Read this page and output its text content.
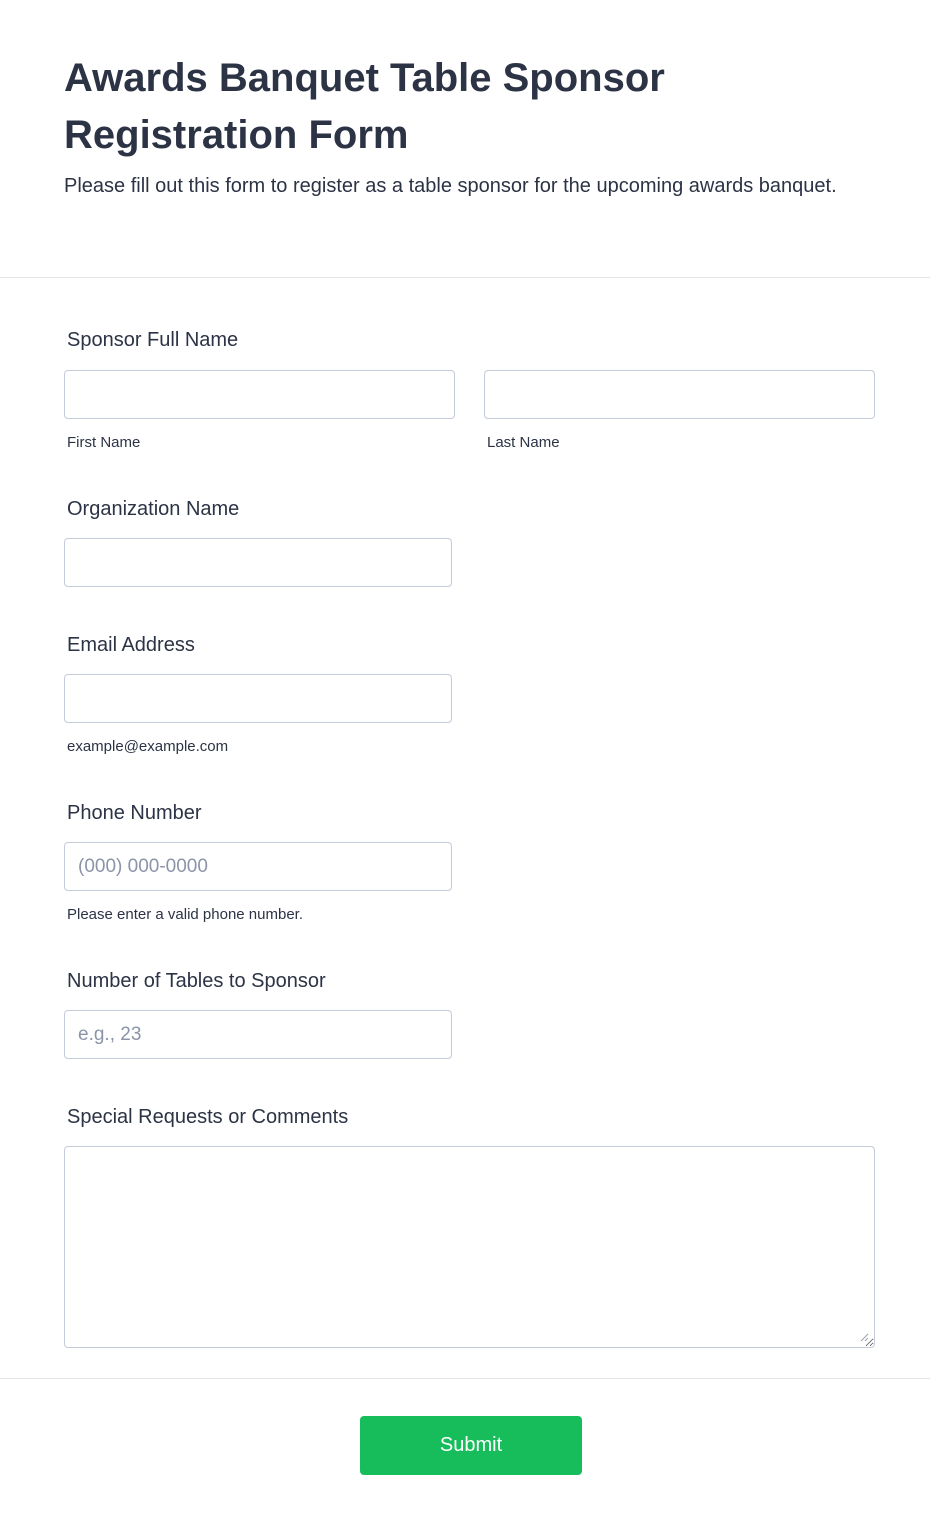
Awards Banquet Table Sponsor Registration Form

Please fill out this form to register as a table sponsor for the upcoming awards banquet.

Sponsor Full Name
First Name	Last Name
Organization Name
Email Address
example@example.com
Phone Number
(000) 000-0000
Please enter a valid phone number.
Number of Tables to Sponsor
e.g., 23
Special Requests or Comments
Submit
